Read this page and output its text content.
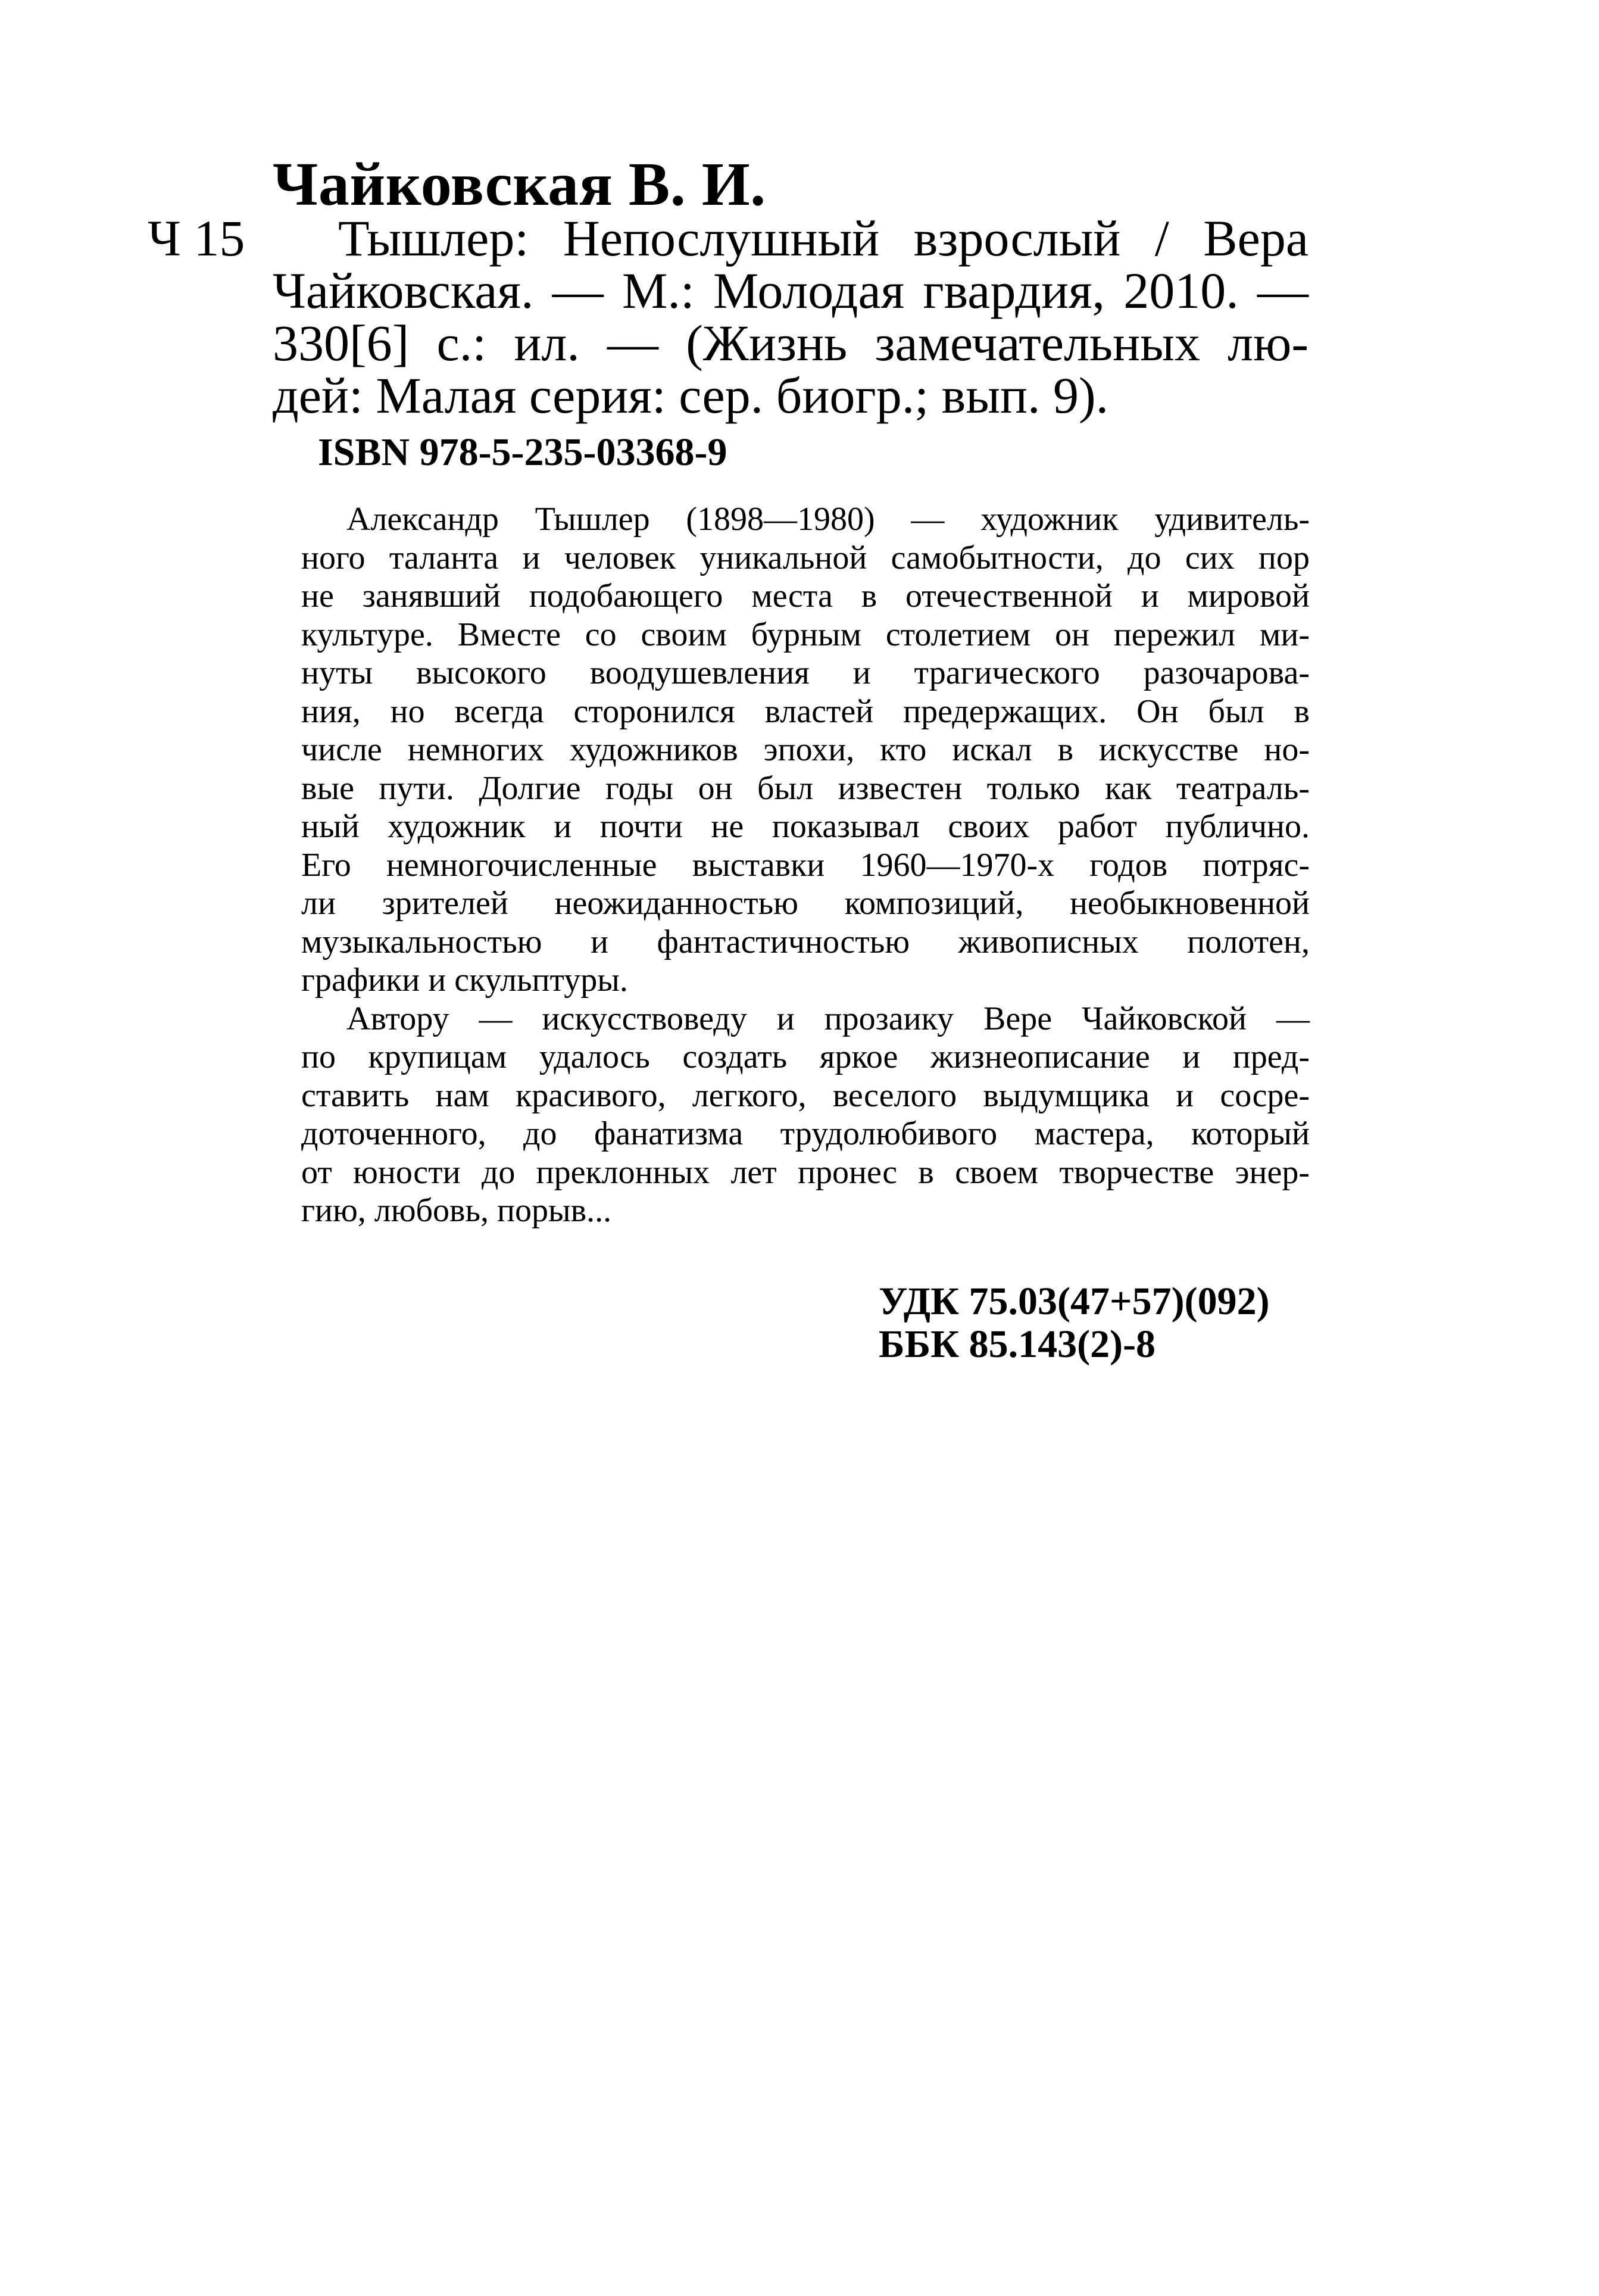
Чайковская В. И.
Ч 15	Тышлер: Непослушный взрослый / Вера
Чайковская. — М.: Молодая гвардия, 2010. —
330[6] с.: ил. — (Жизнь замечательных лю-
дей: Малая серия: сер. биогр.; вып. 9).
ISBN 978-5-235-03368-9
Александр Тышлер (1898—1980) — художник удивитель-
ного таланта и человек уникальной самобытности, до сих пор
не занявший подобающего места в отечественной и мировой
культуре. Вместе со своим бурным столетием он пережил ми-
нуты высокого воодушевления и трагического разочарова-
ния, но всегда сторонился властей предержащих. Он был в
числе немногих художников эпохи, кто искал в искусстве но-
вые пути. Долгие годы он был известен только как театраль-
ный художник и почти не показывал своих работ публично.
Его немногочисленные выставки 1960—1970-х годов потряс-
ли зрителей неожиданностью композиций, необыкновенной
музыкальностью и фантастичностью живописных полотен,
графики и скульптуры.
Автору — искусствоведу и прозаику Вере Чайковской —
по крупицам удалось создать яркое жизнеописание и пред-
ставить нам красивого, легкого, веселого выдумщика и сосре-
доточенного, до фанатизма трудолюбивого мастера, который
от юности до преклонных лет пронес в своем творчестве энер-
гию, любовь, порыв...
УДК 75.03(47+57)(092)
ББК 85.143(2)-8
